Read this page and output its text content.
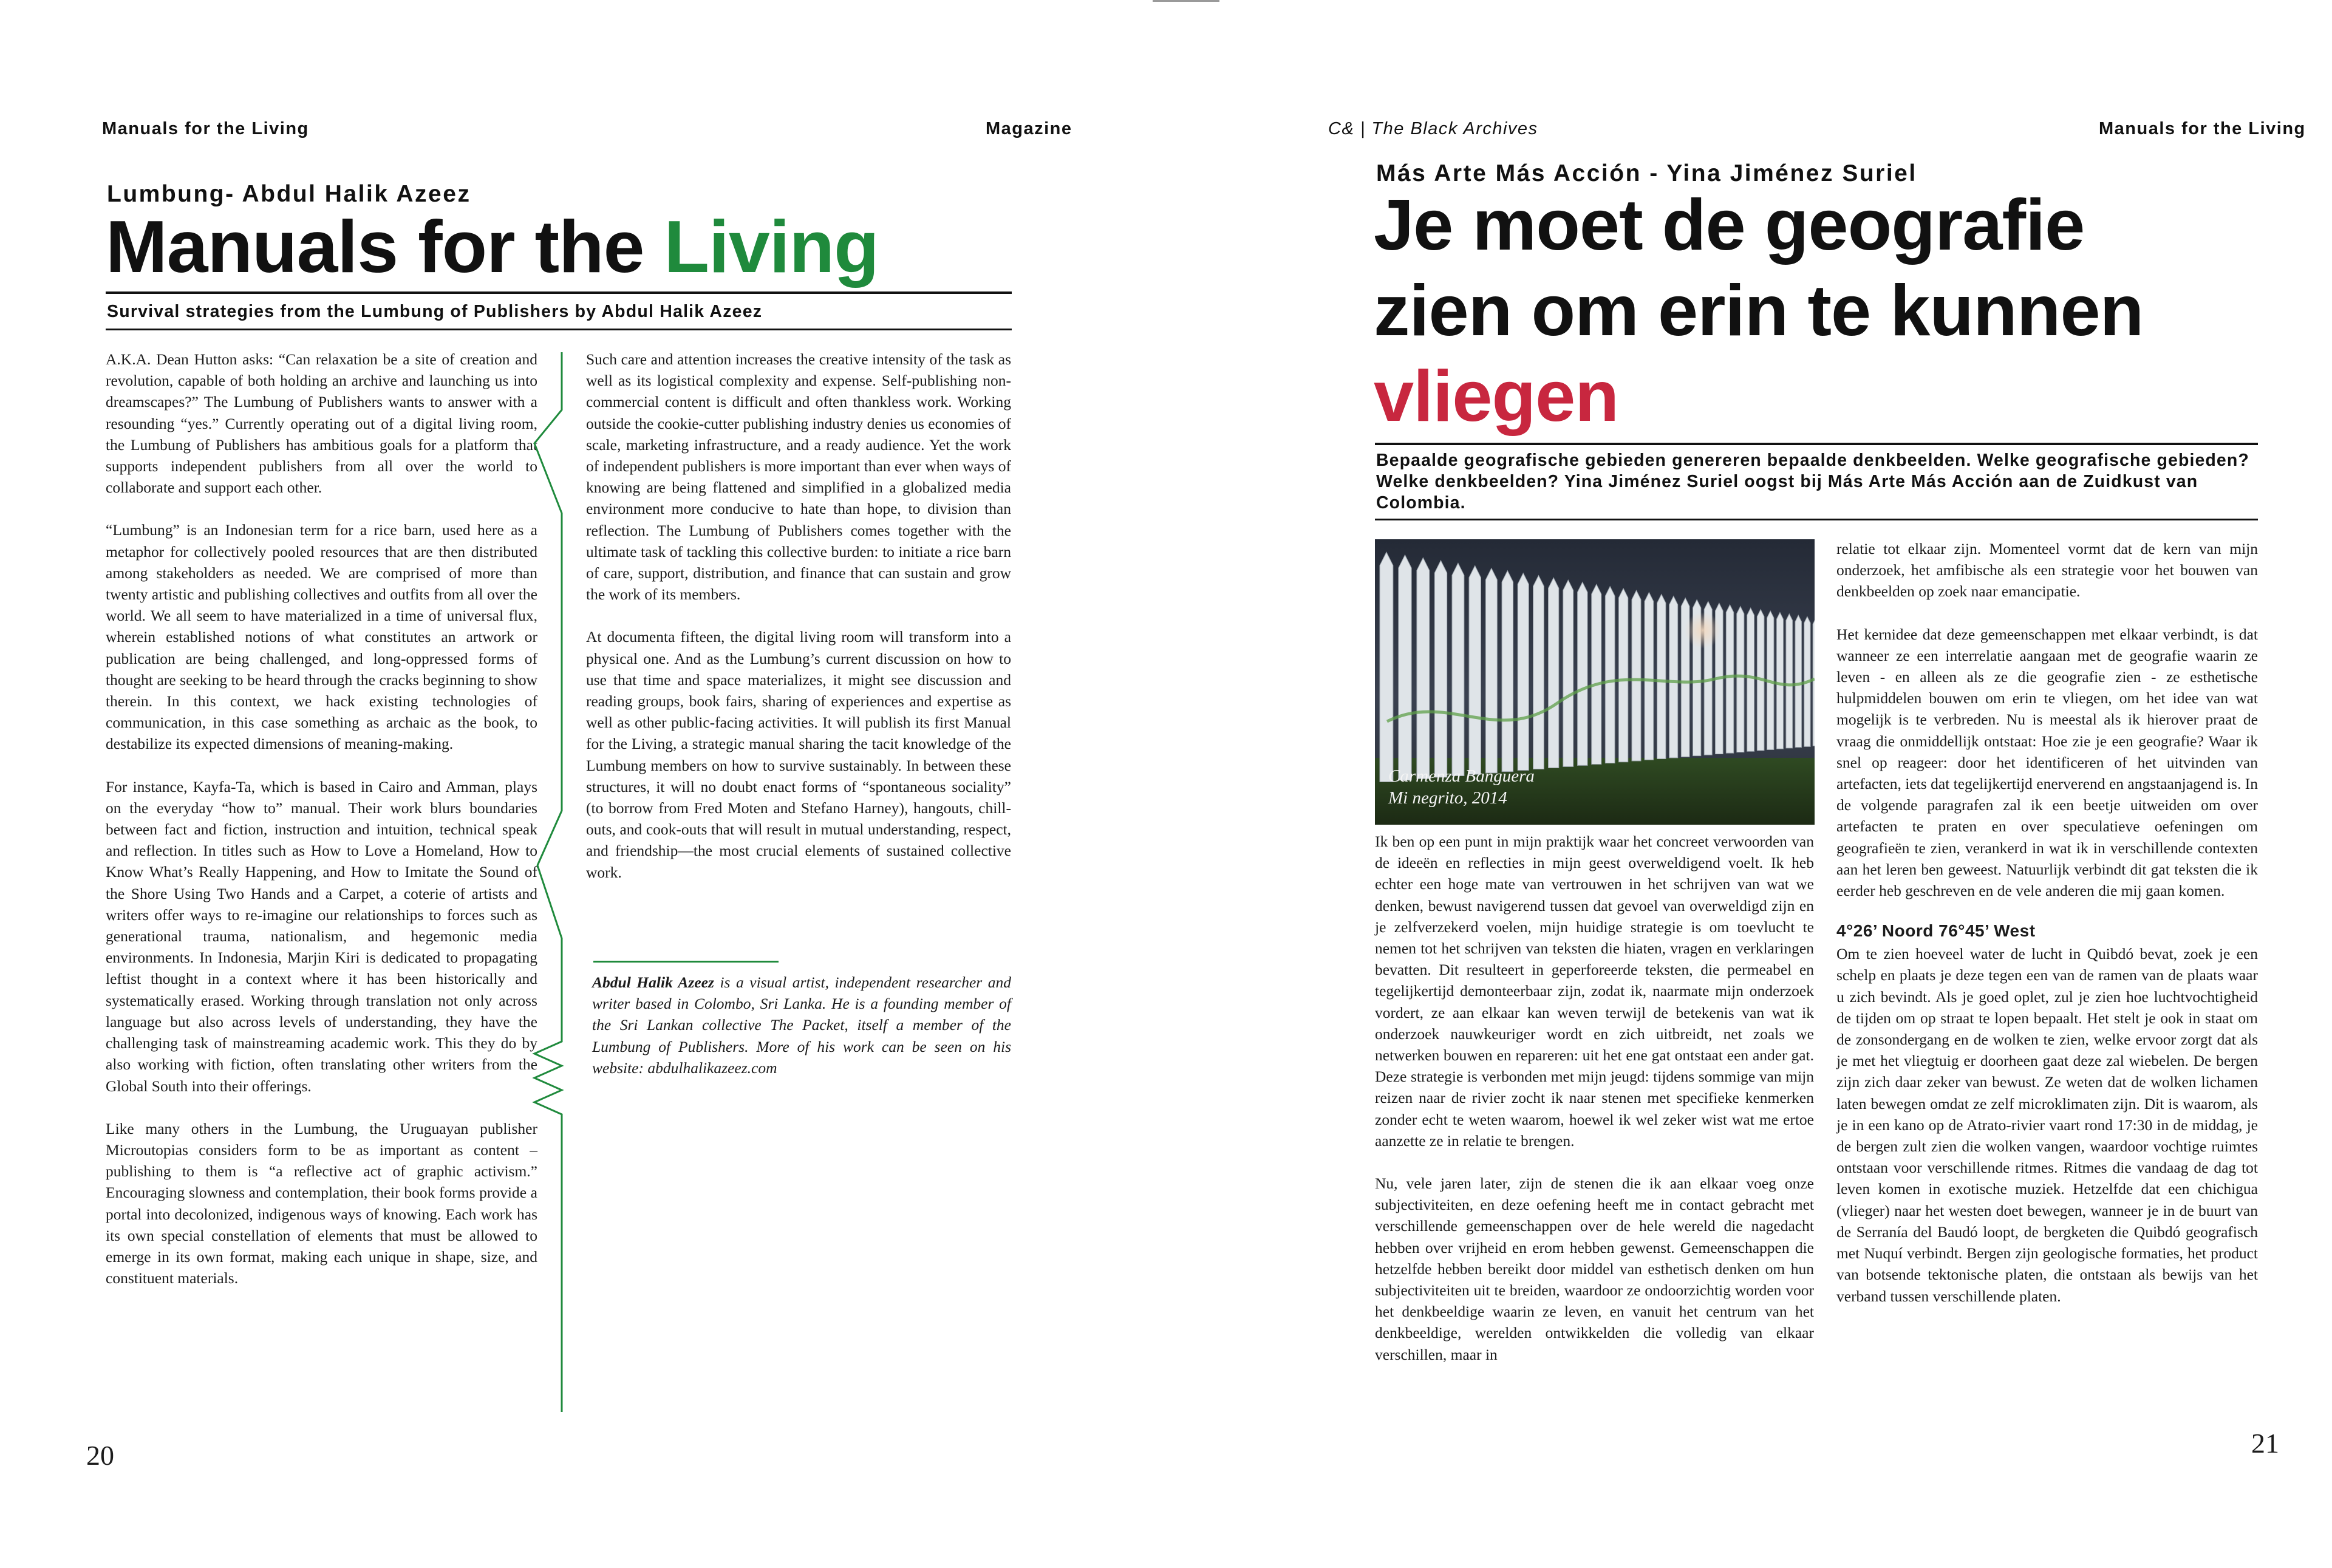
Manuals for the Living	Magazine
Lumbung- Abdul Halik Azeez
Manuals for the Living
Survival strategies from the Lumbung of Publishers by Abdul Halik Azeez

A.K.A. Dean Hutton asks: “Can relaxation be a site of creation and revolution, capable of both holding an archive and launching us into dreamscapes?” The Lumbung of Publishers wants to answer with a resounding “yes.” Currently operating out of a digital living room, the Lumbung of Publishers has ambitious goals for a platform that supports independent publishers from all over the world to collaborate and support each other.

“Lumbung” is an Indonesian term for a rice barn, used here as a metaphor for collectively pooled resources that are then distributed among stakeholders as needed. We are comprised of more than twenty artistic and publishing collectives and outfits from all over the world. We all seem to have materialized in a time of universal flux, wherein established notions of what constitutes an artwork or publication are being challenged, and long-oppressed forms of thought are seeking to be heard through the cracks beginning to show therein. In this context, we hack existing technologies of communication, in this case something as archaic as the book, to destabilize its expected dimensions of meaning-making.

For instance, Kayfa-Ta, which is based in Cairo and Amman, plays on the everyday “how to” manual. Their work blurs boundaries between fact and fiction, instruction and intuition, technical speak and reflection. In titles such as How to Love a Homeland, How to Know What’s Really Happening, and How to Imitate the Sound of the Shore Using Two Hands and a Carpet, a coterie of artists and writers offer ways to re-imagine our relationships to forces such as generational trauma, nationalism, and hegemonic media environments. In Indonesia, Marjin Kiri is dedicated to propagating leftist thought in a context where it has been historically and systematically erased. Working through translation not only across language but also across levels of understanding, they have the challenging task of mainstreaming academic work. This they do by also working with fiction, often translating other writers from the Global South into their offerings.

Like many others in the Lumbung, the Uruguayan publisher Microutopias considers form to be as important as content – publishing to them is “a reflective act of graphic activism.” Encouraging slowness and contemplation, their book forms provide a portal into decolonized, indigenous ways of knowing. Each work has its own special constellation of elements that must be allowed to emerge in its own format, making each unique in shape, size, and constituent materials.

Such care and attention increases the creative intensity of the task as well as its logistical complexity and expense. Self-publishing non-commercial content is difficult and often thankless work. Working outside the cookie-cutter publishing industry denies us economies of scale, marketing infrastructure, and a ready audience. Yet the work of independent publishers is more important than ever when ways of knowing are being flattened and simplified in a globalized media environment more conducive to hate than hope, to division than reflection. The Lumbung of Publishers comes together with the ultimate task of tackling this collective burden: to initiate a rice barn of care, support, distribution, and finance that can sustain and grow the work of its members.

At documenta fifteen, the digital living room will transform into a physical one. And as the Lumbung’s current discussion on how to use that time and space materializes, it might see discussion and reading groups, book fairs, sharing of experiences and expertise as well as other public-facing activities. It will publish its first Manual for the Living, a strategic manual sharing the tacit knowledge of the Lumbung members on how to survive sustainably. In between these structures, it will no doubt enact forms of “spontaneous sociality” (to borrow from Fred Moten and Stefano Harney), hangouts, chill-outs, and cook-outs that will result in mutual understanding, respect, and friendship—the most crucial elements of sustained collective work.

Abdul Halik Azeez is a visual artist, independent researcher and writer based in Colombo, Sri Lanka. He is a founding member of the Sri Lankan collective The Packet, itself a member of the Lumbung of Publishers. More of his work can be seen on his website: abdulhalikazeez.com
20
C& | The Black Archives	Manuals for the Living
Más Arte Más Acción - Yina Jiménez Suriel
Je moet de geografie
zien om erin te kunnen
vliegen
Bepaalde geografische gebieden genereren bepaalde denkbeelden. Welke geografische gebieden? Welke denkbeelden? Yina Jiménez Suriel oogst bij Más Arte Más Acción aan de Zuidkust van Colombia.
Carmenza Banguera
Mi negrito, 2014

Ik ben op een punt in mijn praktijk waar het concreet verwoorden van de ideeën en reflecties in mijn geest overweldigend voelt. Ik heb echter een hoge mate van vertrouwen in het schrijven van wat we denken, bewust navigerend tussen dat gevoel van overweldigd zijn en je zelfverzekerd voelen, mijn huidige strategie is om toevlucht te nemen tot het schrijven van teksten die hiaten, vragen en verklaringen bevatten. Dit resulteert in geperforeerde teksten, die permeabel en tegelijkertijd demonteerbaar zijn, zodat ik, naarmate mijn onderzoek vordert, ze aan elkaar kan weven terwijl de betekenis van wat ik onderzoek nauwkeuriger wordt en zich uitbreidt, net zoals we netwerken bouwen en repareren: uit het ene gat ontstaat een ander gat. Deze strategie is verbonden met mijn jeugd: tijdens sommige van mijn reizen naar de rivier zocht ik naar stenen met specifieke kenmerken zonder echt te weten waarom, hoewel ik wel zeker wist wat me ertoe aanzette ze in relatie te brengen.

Nu, vele jaren later, zijn de stenen die ik aan elkaar voeg onze subjectiviteiten, en deze oefening heeft me in contact gebracht met verschillende gemeenschappen over de hele wereld die nagedacht hebben over vrijheid en erom hebben gewenst. Gemeenschappen die hetzelfde hebben bereikt door middel van esthetisch denken om hun subjectiviteiten uit te breiden, waardoor ze ondoorzichtig worden voor het denkbeeldige waarin ze leven, en vanuit het centrum van het denkbeeldige, werelden ontwikkelden die volledig van elkaar verschillen, maar in

relatie tot elkaar zijn. Momenteel vormt dat de kern van mijn onderzoek, het amfibische als een strategie voor het bouwen van denkbeelden op zoek naar emancipatie.

Het kernidee dat deze gemeenschappen met elkaar verbindt, is dat wanneer ze een interrelatie aangaan met de geografie waarin ze leven - en alleen als ze die geografie zien - ze esthetische hulpmiddelen bouwen om erin te vliegen, om het idee van wat mogelijk is te verbreden. Nu is meestal als ik hierover praat de vraag die onmiddellijk ontstaat: Hoe zie je een geografie? Waar ik snel op reageer: door het identificeren of het uitvinden van artefacten, iets dat tegelijkertijd enerverend en angstaanjagend is. In de volgende paragrafen zal ik een beetje uitweiden om over artefacten te praten en over speculatieve oefeningen om geografieën te zien, verankerd in wat ik in verschillende contexten aan het leren ben geweest. Natuurlijk verbindt dit gat teksten die ik eerder heb geschreven en de vele anderen die mij gaan komen.

4°26’ Noord 76°45’ West

Om te zien hoeveel water de lucht in Quibdó bevat, zoek je een schelp en plaats je deze tegen een van de ramen van de plaats waar u zich bevindt. Als je goed oplet, zul je zien hoe luchtvochtigheid de tijden om op straat te lopen bepaalt. Het stelt je ook in staat om de zonsondergang en de wolken te zien, welke ervoor zorgt dat als je met het vliegtuig er doorheen gaat deze zal wiebelen. De bergen zijn zich daar zeker van bewust. Ze weten dat de wolken lichamen laten bewegen omdat ze zelf microklimaten zijn. Dit is waarom, als je in een kano op de Atrato-rivier vaart rond 17:30 in de middag, je de bergen zult zien die wolken vangen, waardoor vochtige ruimtes ontstaan voor verschillende ritmes. Ritmes die vandaag de dag tot leven komen in exotische muziek. Hetzelfde dat een chichigua (vlieger) naar het westen doet bewegen, wanneer je in de buurt van de Serranía del Baudó loopt, de bergketen die Quibdó geografisch met Nuquí verbindt. Bergen zijn geologische formaties, het product van botsende tektonische platen, die ontstaan als bewijs van het verband tussen verschillende platen.

21
